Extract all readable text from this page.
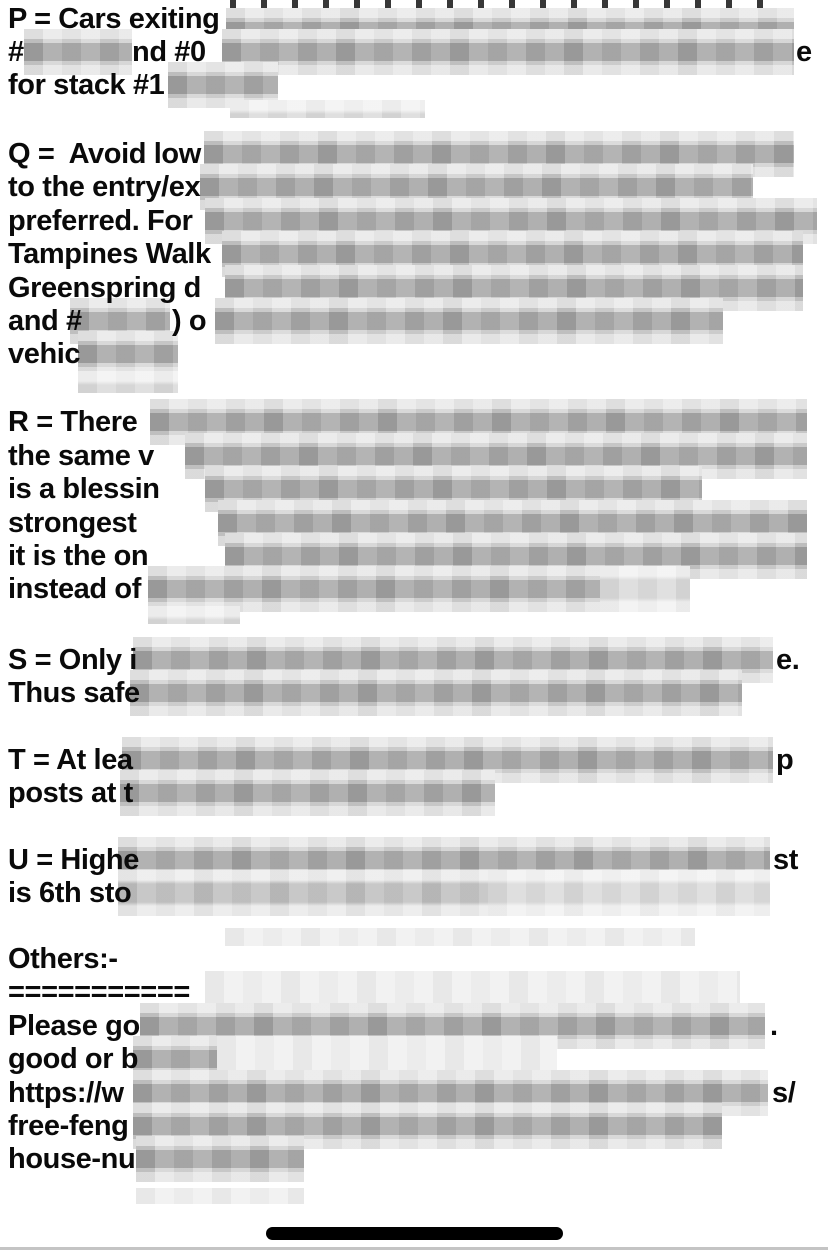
P = Cars exiting
#	nd #0	e
for stack #1
Q =  Avoid low
to the entry/ex
preferred. For
Tampines Walk
Greenspring d
and #	) o
vehic
R = There
the same v
is a blessin
strongest
it is the on
instead of
S = Only i	e.
Thus safe
T = At lea	p
posts at t
U = Highe	st
is 6th sto
Others:-
===========
Please go	.
good or b
https://w	s/
free-feng
house-nu
